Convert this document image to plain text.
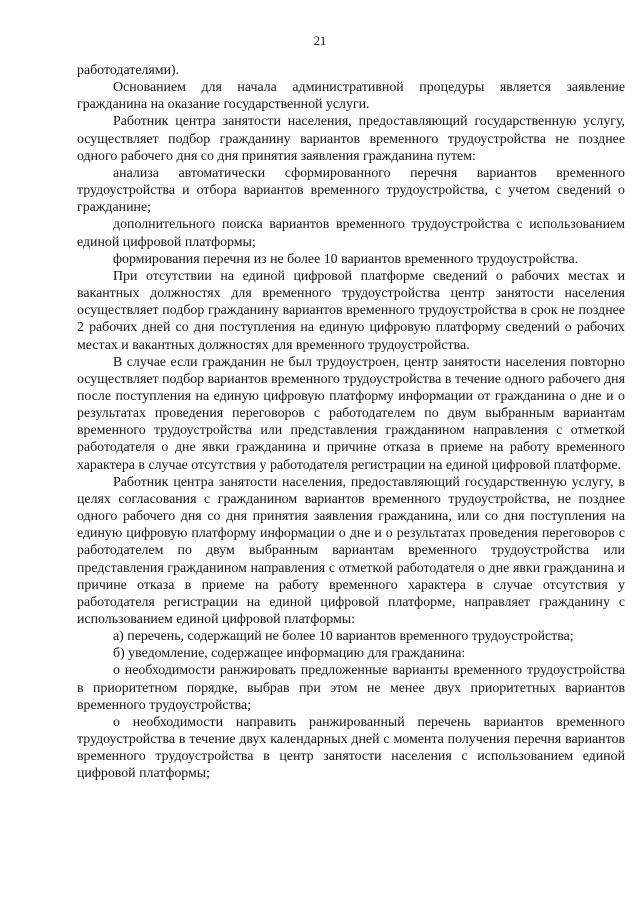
21

работодателями).

Основанием для начала административной процедуры является заявление гражданина на оказание государственной услуги.

Работник центра занятости населения, предоставляющий государственную услугу, осуществляет подбор гражданину вариантов временного трудоустройства не позднее одного рабочего дня со дня принятия заявления гражданина путем:

анализа автоматически сформированного перечня вариантов временного трудоустройства и отбора вариантов временного трудоустройства, с учетом сведений о гражданине;

дополнительного поиска вариантов временного трудоустройства с использованием единой цифровой платформы;

формирования перечня из не более 10 вариантов временного трудоустройства.

При отсутствии на единой цифровой платформе сведений о рабочих местах и вакантных должностях для временного трудоустройства центр занятости населения осуществляет подбор гражданину вариантов временного трудоустройства в срок не позднее 2 рабочих дней со дня поступления на единую цифровую платформу сведений о рабочих местах и вакантных должностях для временного трудоустройства.

В случае если гражданин не был трудоустроен, центр занятости населения повторно осуществляет подбор вариантов временного трудоустройства в течение одного рабочего дня после поступления на единую цифровую платформу информации от гражданина о дне и о результатах проведения переговоров с работодателем по двум выбранным вариантам временного трудоустройства или представления гражданином направления с отметкой работодателя о дне явки гражданина и причине отказа в приеме на работу временного характера в случае отсутствия у работодателя регистрации на единой цифровой платформе.

Работник центра занятости населения, предоставляющий государственную услугу, в целях согласования с гражданином вариантов временного трудоустройства, не позднее одного рабочего дня со дня принятия заявления гражданина, или со дня поступления на единую цифровую платформу информации о дне и о результатах проведения переговоров с работодателем по двум выбранным вариантам временного трудоустройства или представления гражданином направления с отметкой работодателя о дне явки гражданина и причине отказа в приеме на работу временного характера в случае отсутствия у работодателя регистрации на единой цифровой платформе, направляет гражданину с использованием единой цифровой платформы:

а) перечень, содержащий не более 10 вариантов временного трудоустройства;

б) уведомление, содержащее информацию для гражданина:

о необходимости ранжировать предложенные варианты временного трудоустройства в приоритетном порядке, выбрав при этом не менее двух приоритетных вариантов временного трудоустройства;

о необходимости направить ранжированный перечень вариантов временного трудоустройства в течение двух календарных дней с момента получения перечня вариантов временного трудоустройства в центр занятости населения с использованием единой цифровой платформы;
